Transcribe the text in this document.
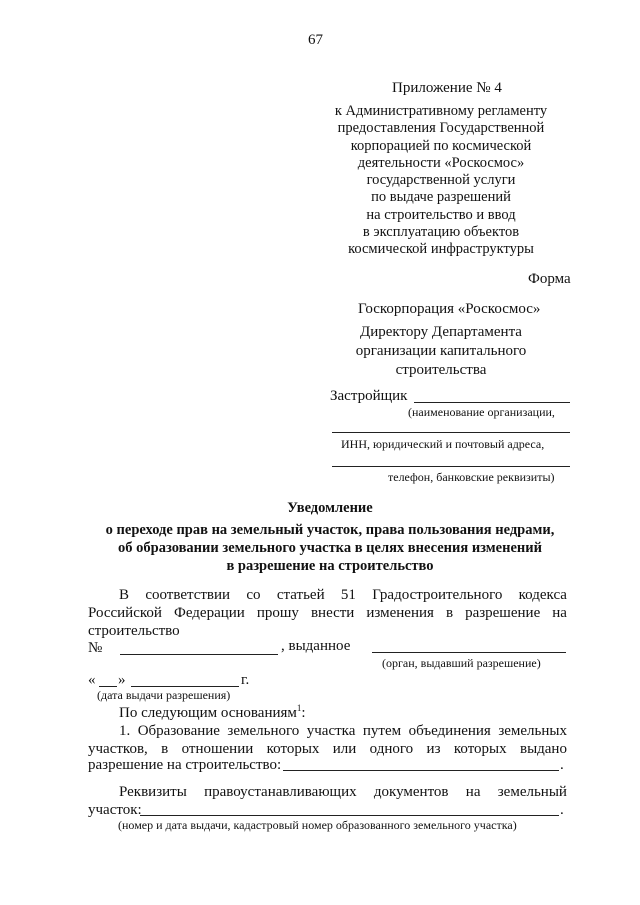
67
Приложение № 4
к Административному регламенту
предоставления Государственной
корпорацией по космической
деятельности «Роскосмос»
государственной услуги
по выдаче разрешений
на строительство и ввод
в эксплуатацию объектов
космической инфраструктуры
Форма
Госкорпорация «Роскосмос»
Директору Департамента
организации капитального
строительства
Застройщик
(наименование организации,
ИНН, юридический и почтовый адреса,
телефон, банковские реквизиты)
Уведомление
о переходе прав на земельный участок, права пользования недрами,
об образовании земельного участка в целях внесения изменений
в разрешение на строительство
В соответствии со статьей 51 Градостроительного кодекса
Российской Федерации прошу внести изменения в разрешение на
строительство
№	, выданное
(орган, выдавший разрешение)
« »	г.
(дата выдачи разрешения)
По следующим основаниям$^1$:
1. Образование земельного участка путем объединения земельных
участков, в отношении которых или одного из которых выдано
разрешение на строительство:	.
Реквизиты правоустанавливающих документов на земельный
участок:	.
(номер и дата выдачи, кадастровый номер образованного земельного участка)
